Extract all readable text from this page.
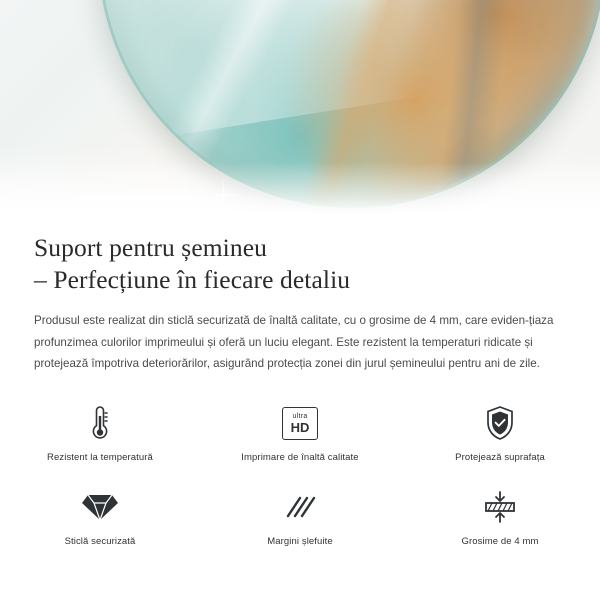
Suport pentru șemineu
– Perfecțiune în fiecare detaliu

Produsul este realizat din sticlă securizată de înaltă calitate, cu o grosime de 4 mm, care eviden-țiaza profunzimea culorilor imprimeului și oferă un luciu elegant. Este rezistent la temperaturi ridicate și protejează împotriva deteriorărilor, asigurând protecția zonei din jurul șemineului pentru ani de zile.

Rezistent la temperatură
ultra
HD
Imprimare de înaltă calitate	Protejează suprafața
Sticlă securizată	Margini șlefuite	Grosime de 4 mm
